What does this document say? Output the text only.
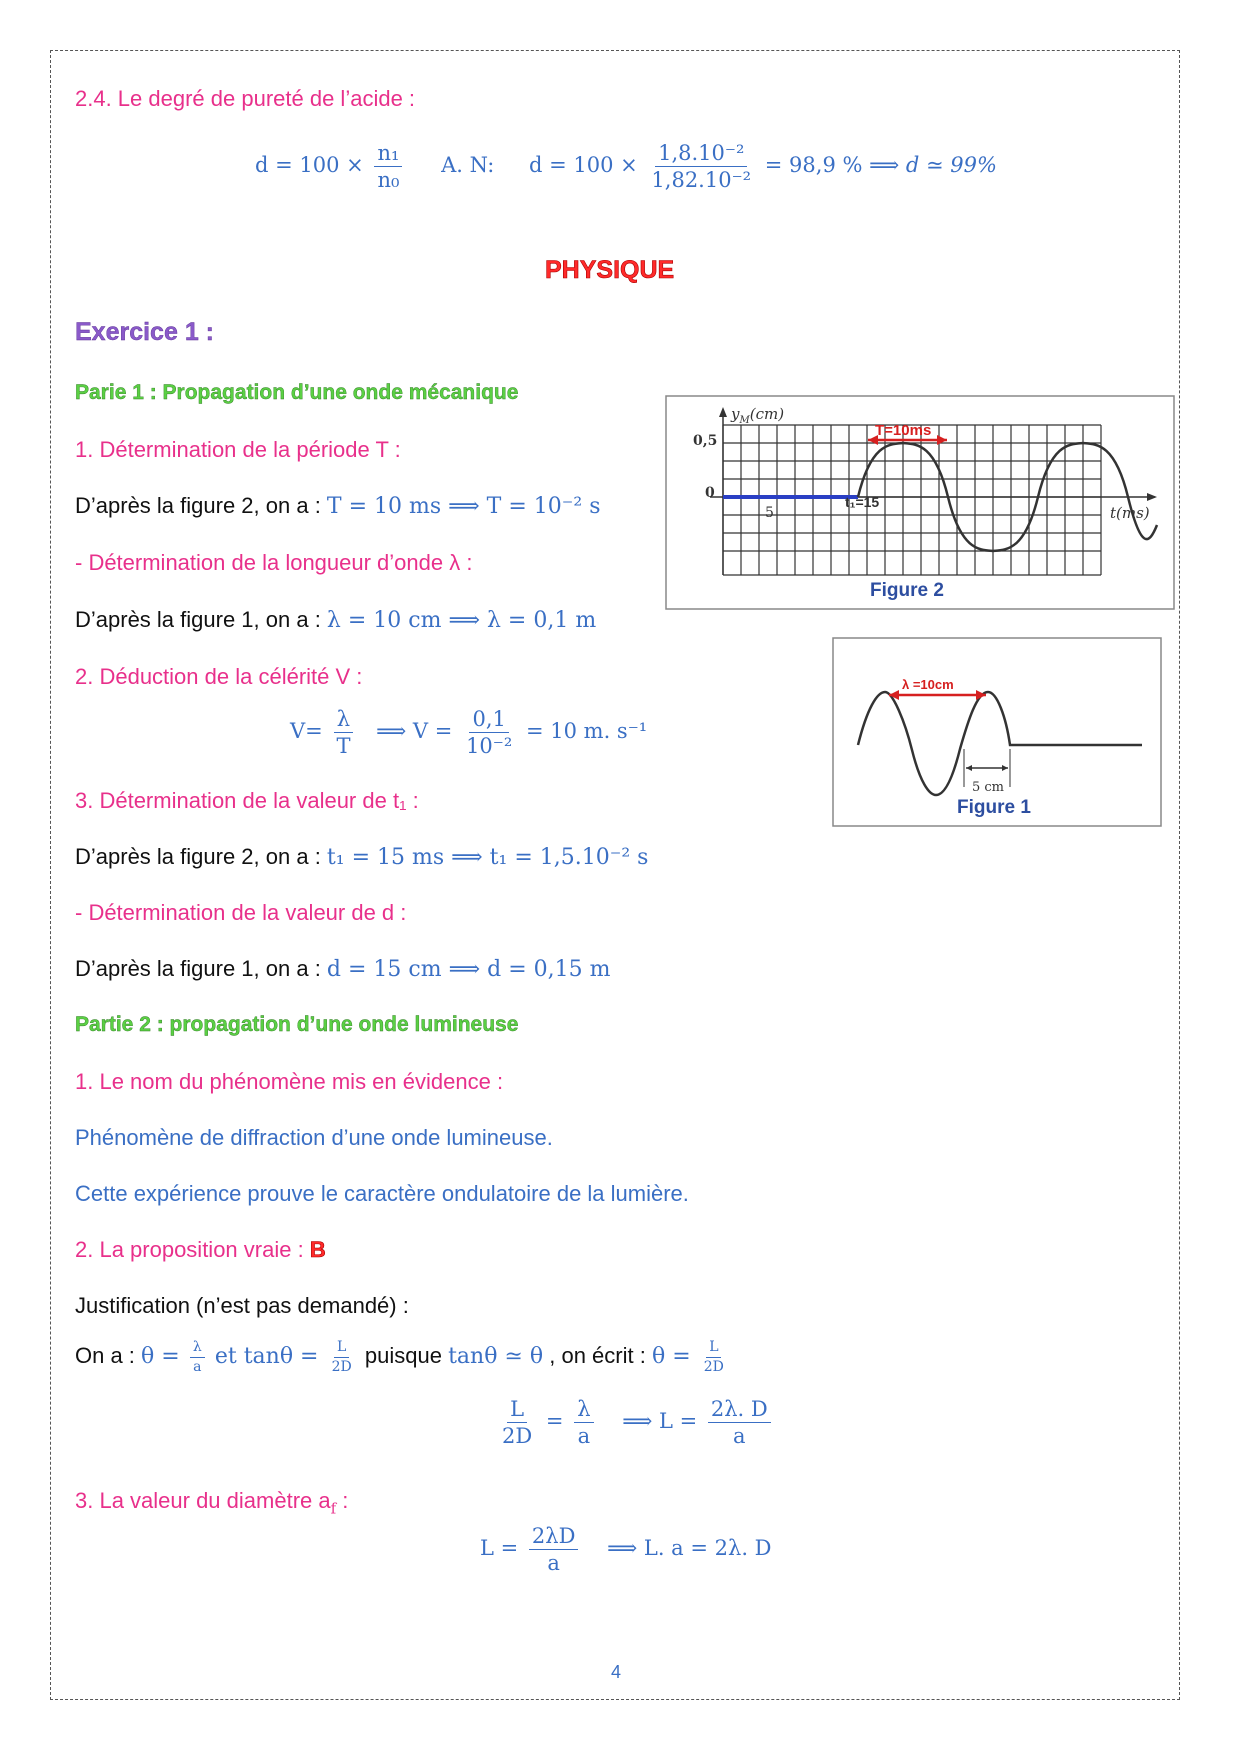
2.4. Le degré de pureté de l’acide :
$d = 100 \times \frac{\text{n₁}}{\text{n₀}} A$. N: $d = 100 \times \frac{\text{1,8.10⁻²}}{\text{1,82.10⁻²}} = 98,9$ % ⟹ d ≃ 99%
PHYSIQUE
Exercice 1 :
Parie 1 : Propagation d’une onde mécanique
1. Détermination de la période T :
D’après la figure 2, on a : T = 10 ms ⟹ T = 10⁻² s
- Détermination de la longueur d’onde λ :
D’après la figure 1, on a : λ = 10 cm ⟹ λ = 0,1 m
2. Déduction de la célérité V :
$V= \frac{\lambda}{T}$ ⟹ $V = \frac{0,1}{\text{10⁻²}} = 10$ m. s⁻¹
3. Détermination de la valeur de t₁ :
D’après la figure 2, on a : t₁ = 15 ms ⟹ t₁ = 1,5.10⁻² s
- Détermination de la valeur de d :
D’après la figure 1, on a : d = 15 cm ⟹ d = 0,15 m
Partie 2 : propagation d’une onde lumineuse
1. Le nom du phénomène mis en évidence :
Phénomène de diffraction d’une onde lumineuse.
Cette expérience prouve le caractère ondulatoire de la lumière.
2. La proposition vraie : B
Justification (n’est pas demandé) :
On a : $\theta = \frac{\lambda}{a}$ et $\tan\theta = \frac{L}{2D}$ puisque tanθ ≃ θ , on écrit : $\theta = \frac{L}{2D}$
$\frac{L}{2D} = \frac{\lambda}{a}$ ⟹ $L = \frac{2\lambda. D}{a}$
3. La valeur du diamètre $a_f$ :
$L = \frac{2\lambda D}{a}$ ⟹ L. a = 2λ. D
4
T=10ms
0,5
0
5
t₁=15
$y_M(cm)$
t(ms)
Figure 2
λ =10cm
5 cm
Figure 1
